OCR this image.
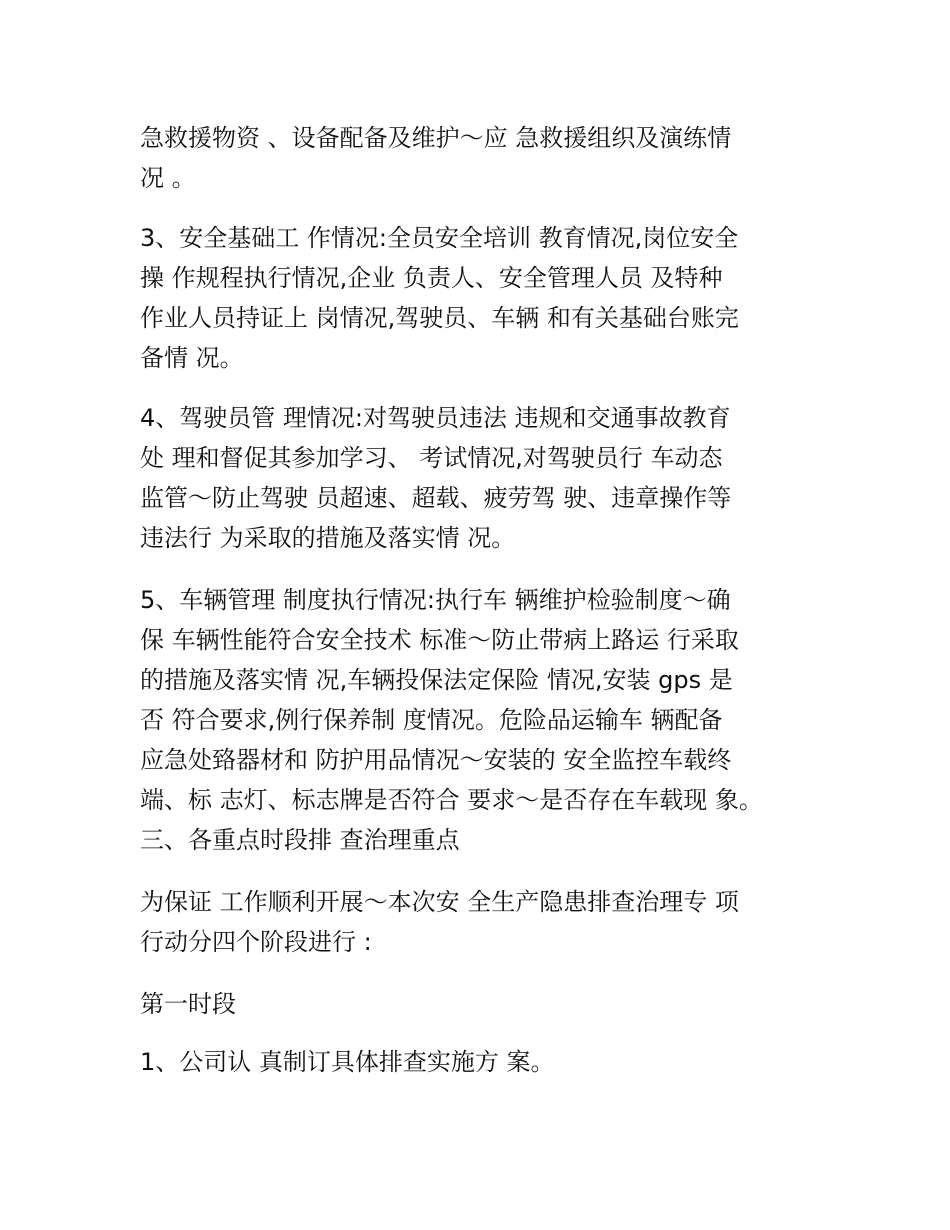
急救援物资 、设备配备及维护～应 急救援组织及演练情
况 。
3、安全基础工 作情况:全员安全培训 教育情况,岗位安全
操 作规程执行情况,企业 负责人、安全管理人员 及特种
作业人员持证上 岗情况,驾驶员、车辆 和有关基础台账完
备情 况。
4、驾驶员管 理情况:对驾驶员违法 违规和交通事故教育
处 理和督促其参加学习、 考试情况,对驾驶员行 车动态
监管～防止驾驶 员超速、超载、疲劳驾 驶、违章操作等
违法行 为采取的措施及落实情 况。
5、车辆管理 制度执行情况:执行车 辆维护检验制度～确
保 车辆性能符合安全技术 标准～防止带病上路运 行采取
的措施及落实情 况,车辆投保法定保险 情况,安装 gps 是
否 符合要求,例行保养制 度情况。危险品运输车 辆配备
应急处臵器材和 防护用品情况～安装的 安全监控车载终
端、标 志灯、标志牌是否符合 要求～是否存在车载现 象。
三、各重点时段排 查治理重点
为保证 工作顺利开展～本次安 全生产隐患排查治理专 项
行动分四个阶段进行 :
第一时段
1、公司认 真制订具体排查实施方 案。
